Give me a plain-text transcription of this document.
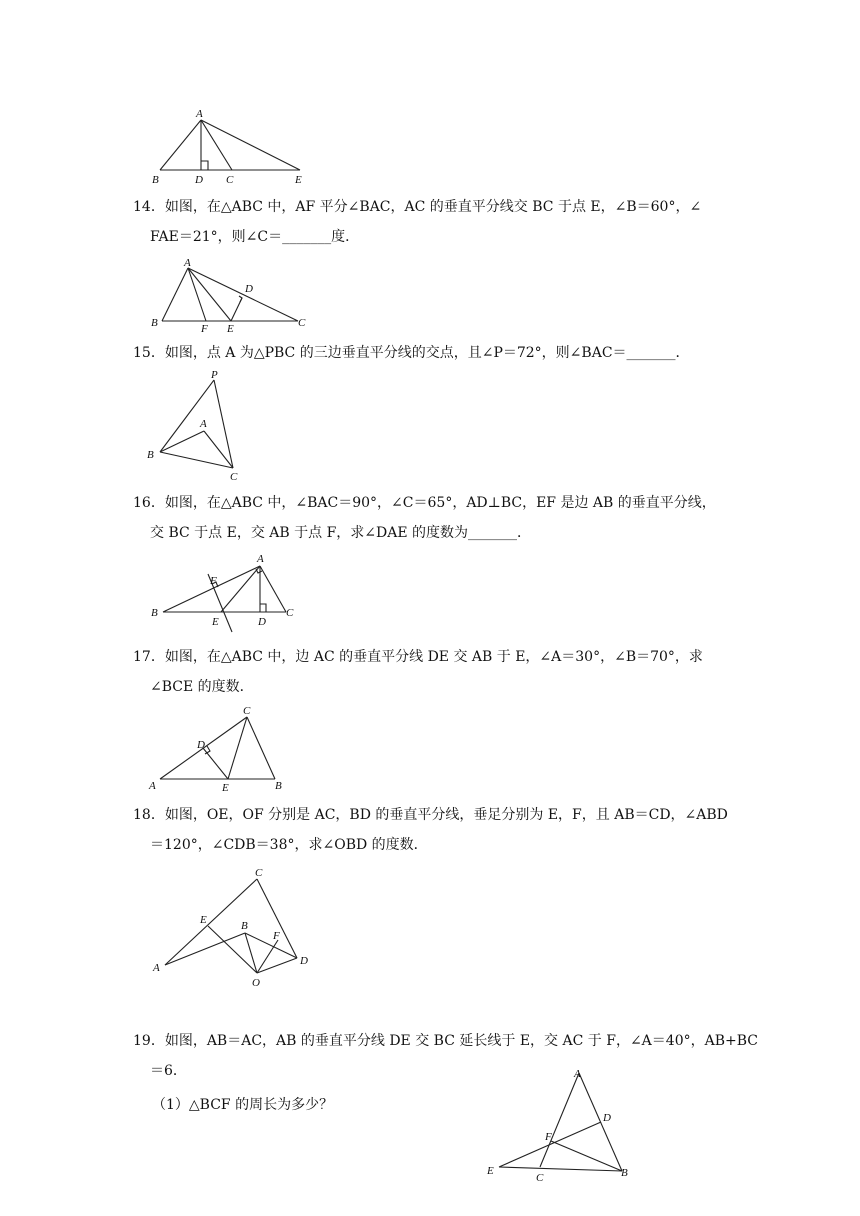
A
B	D C	E
14．如图，在△ABC 中，AF 平分∠BAC，AC 的垂直平分线交 BC 于点 E，∠B＝60°，∠
FAE＝21°，则∠C＝_______度．
A
D
B	F E	C
15．如图，点 A 为△PBC 的三边垂直平分线的交点，且∠P＝72°，则∠BAC＝_______．
P
A
B
C
16．如图，在△ABC 中，∠BAC＝90°，∠C＝65°，AD⊥BC，EF 是边 AB 的垂直平分线，
交 BC 于点 E，交 AB 于点 F，求∠DAE 的度数为_______．
A
F
B
E	D
C
17．如图，在△ABC 中，边 AC 的垂直平分线 DE 交 AB 于 E，∠A＝30°，∠B＝70°，求
∠BCE 的度数．
C
D
A	E	B
18．如图，OE，OF 分别是 AC，BD 的垂直平分线，垂足分别为 E，F，且 AB＝CD，∠ABD
＝120°，∠CDB＝38°，求∠OBD 的度数．
C
E	B
F
A
D
O
19．如图，AB＝AC，AB 的垂直平分线 DE 交 BC 延长线于 E，交 AC 于 F，∠A＝40°，AB+BC
＝6．
（1）△BCF 的周长为多少？
A
D
F
E
C	B
